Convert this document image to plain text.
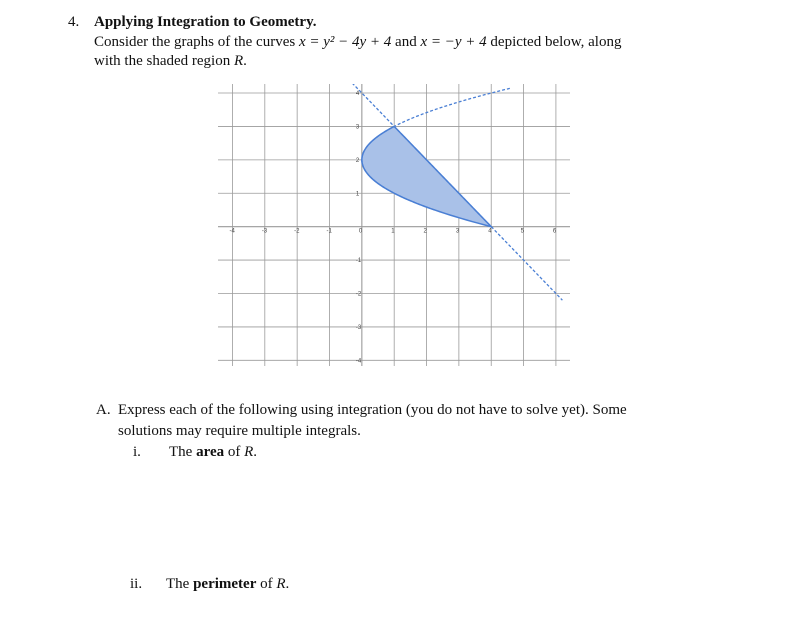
4. Applying Integration to Geometry.
Consider the graphs of the curves x = y² − 4y + 4 and x = −y + 4 depicted below, along
with the shaded region R.
-4	-3	-2	-1	0	1	2	3	4	5	6
4
3
2
1
-1
-2
-3
-4
A. Express each of the following using integration (you do not have to solve yet). Some
solutions may require multiple integrals.
i. The area of R.
ii. The perimeter of R.
